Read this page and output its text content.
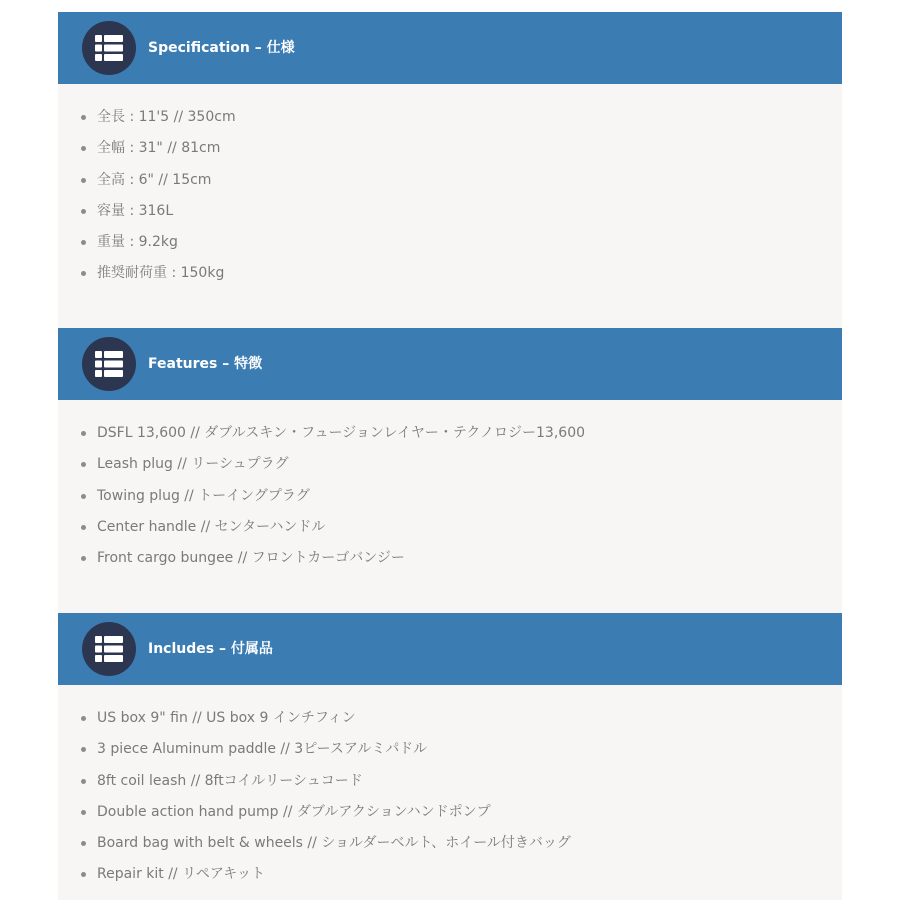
Specification – 仕様
全長 : 11'5 // 350cm
全幅 : 31" // 81cm
全高 : 6" // 15cm
容量 : 316L
重量 : 9.2kg
推奨耐荷重 : 150kg
Features – 特徴
DSFL 13,600 // ダブルスキン・フュージョンレイヤー・テクノロジー13,600
Leash plug // リーシュプラグ
Towing plug // トーイングプラグ
Center handle // センターハンドル
Front cargo bungee // フロントカーゴバンジー
Includes – 付属品
US box 9" fin // US box 9 インチフィン
3 piece Aluminum paddle // 3ピースアルミパドル
8ft coil leash // 8ftコイルリーシュコード
Double action hand pump // ダブルアクションハンドポンプ
Board bag with belt & wheels // ショルダーベルト、ホイール付きバッグ
Repair kit // リペアキット
